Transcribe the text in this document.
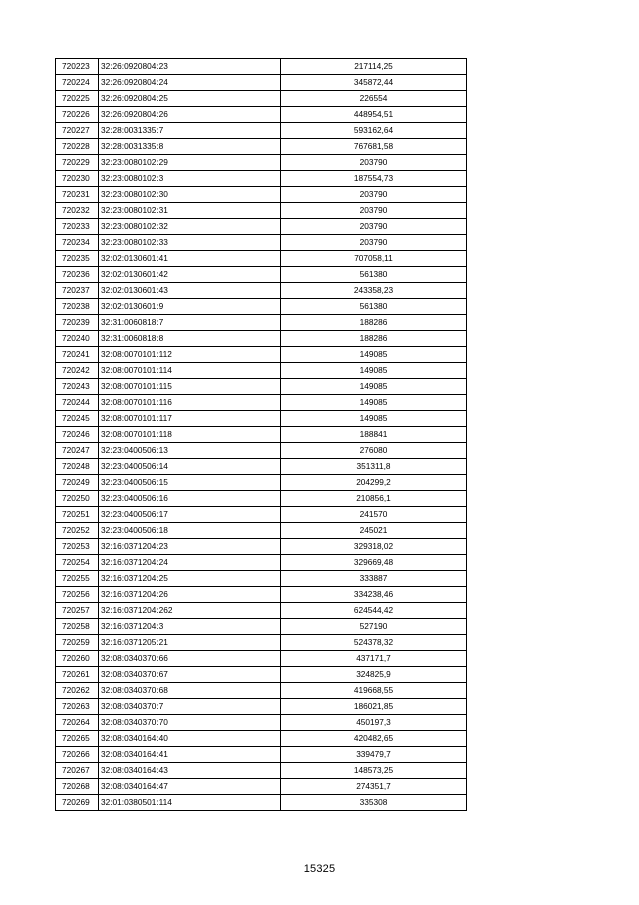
720223	32:26:0920804:23	217114,25
720224	32:26:0920804:24	345872,44
720225	32:26:0920804:25	226554
720226	32:26:0920804:26	448954,51
720227	32:28:0031335:7	593162,64
720228	32:28:0031335:8	767681,58
720229	32:23:0080102:29	203790
720230	32:23:0080102:3	187554,73
720231	32:23:0080102:30	203790
720232	32:23:0080102:31	203790
720233	32:23:0080102:32	203790
720234	32:23:0080102:33	203790
720235	32:02:0130601:41	707058,11
720236	32:02:0130601:42	561380
720237	32:02:0130601:43	243358,23
720238	32:02:0130601:9	561380
720239	32:31:0060818:7	188286
720240	32:31:0060818:8	188286
720241	32:08:0070101:112	149085
720242	32:08:0070101:114	149085
720243	32:08:0070101:115	149085
720244	32:08:0070101:116	149085
720245	32:08:0070101:117	149085
720246	32:08:0070101:118	188841
720247	32:23:0400506:13	276080
720248	32:23:0400506:14	351311,8
720249	32:23:0400506:15	204299,2
720250	32:23:0400506:16	210856,1
720251	32:23:0400506:17	241570
720252	32:23:0400506:18	245021
720253	32:16:0371204:23	329318,02
720254	32:16:0371204:24	329669,48
720255	32:16:0371204:25	333887
720256	32:16:0371204:26	334238,46
720257	32:16:0371204:262	624544,42
720258	32:16:0371204:3	527190
720259	32:16:0371205:21	524378,32
720260	32:08:0340370:66	437171,7
720261	32:08:0340370:67	324825,9
720262	32:08:0340370:68	419668,55
720263	32:08:0340370:7	186021,85
720264	32:08:0340370:70	450197,3
720265	32:08:0340164:40	420482,65
720266	32:08:0340164:41	339479,7
720267	32:08:0340164:43	148573,25
720268	32:08:0340164:47	274351,7
720269	32:01:0380501:114	335308
15325
